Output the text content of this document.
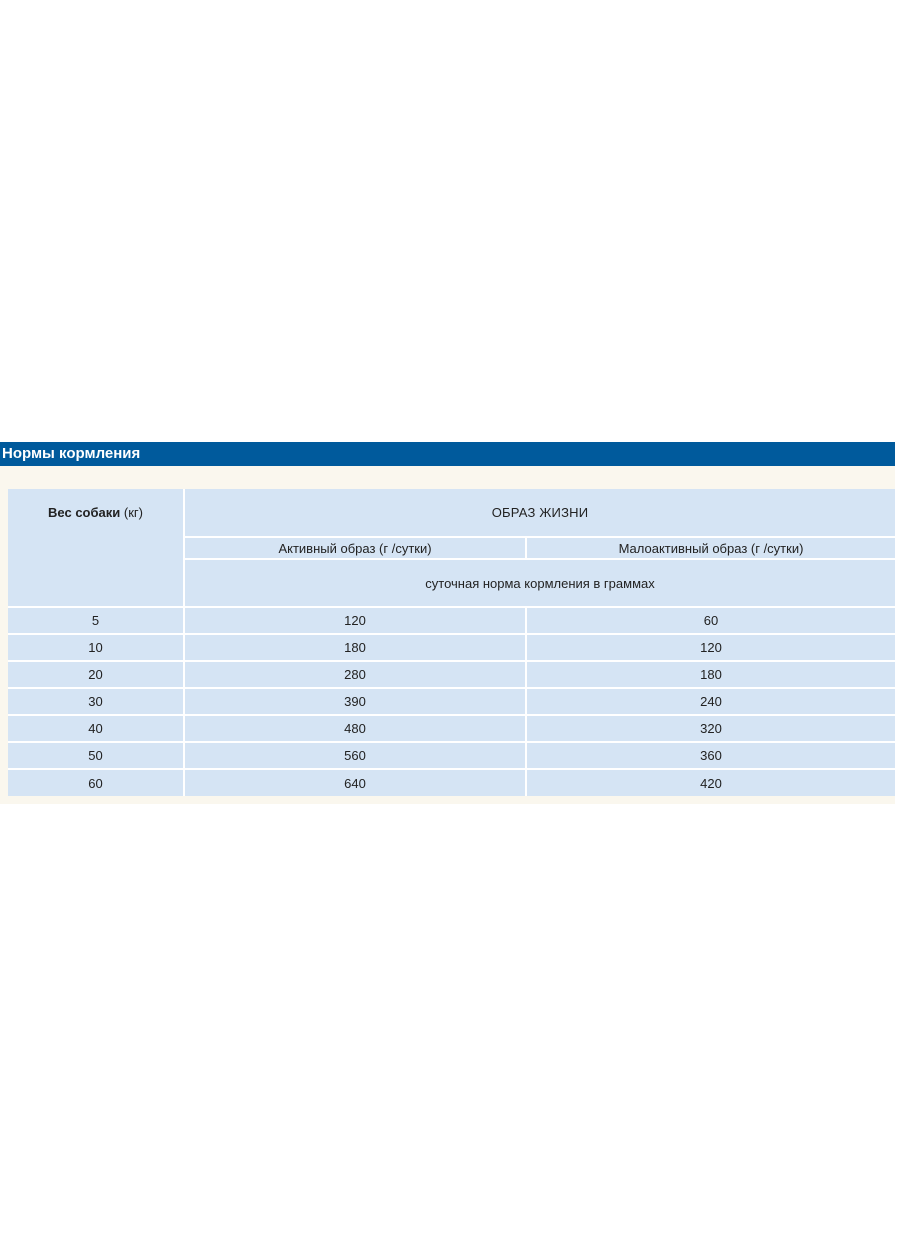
Нормы кормления
Вес собаки (кг)	ОБРАЗ ЖИЗНИ	
	Активный образ (г /сутки)	Малоактивный образ (г /сутки)
	суточная норма кормления в граммах	
5	120	60
10	180	120
20	280	180
30	390	240
40	480	320
50	560	360
60	640	420
